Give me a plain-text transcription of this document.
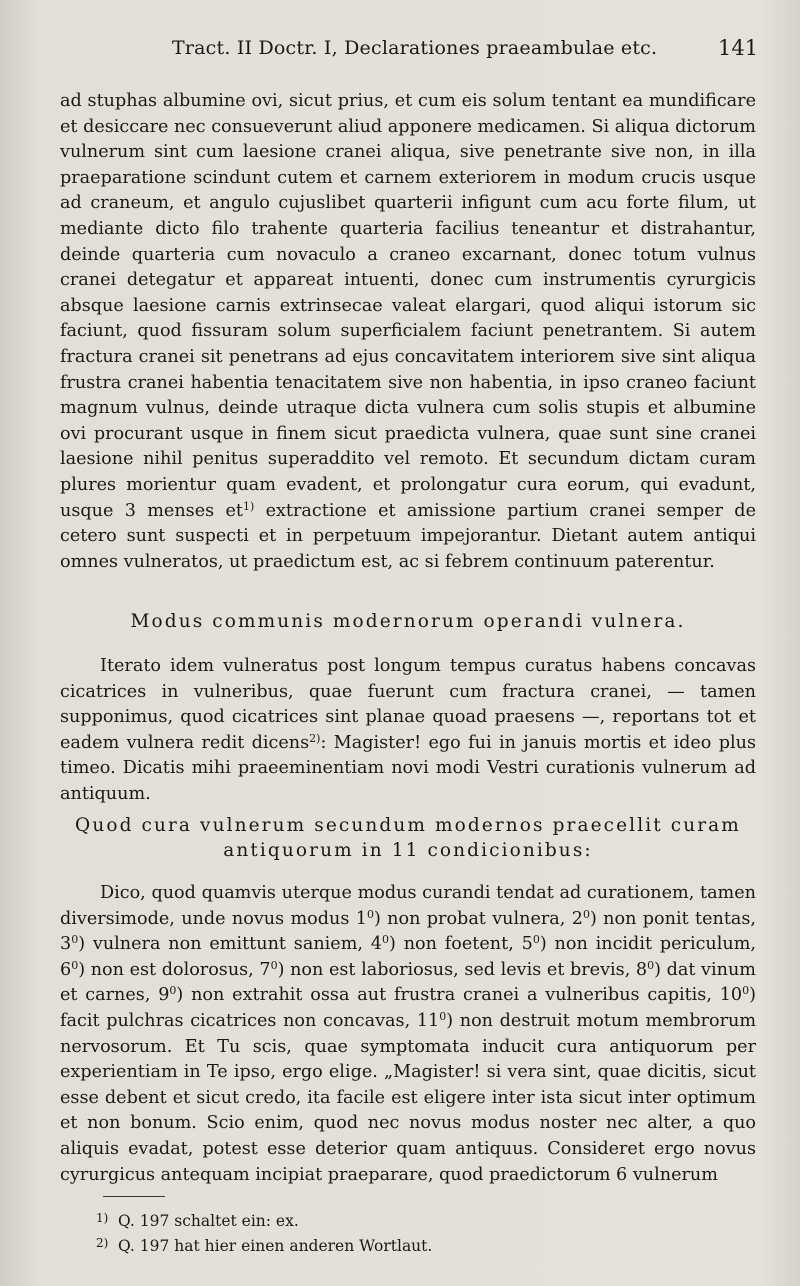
Tract. II Doctr. I, Declarationes praeambulae etc.	141
ad stuphas albumine ovi, sicut prius, et cum eis solum tentant ea mundificare et desiccare nec consueverunt aliud apponere medicamen. Si aliqua dictorum vulnerum sint cum laesione cranei aliqua, sive penetrante sive non, in illa praeparatione scindunt cutem et carnem exteriorem in modum crucis usque ad craneum, et angulo cujuslibet quarterii infigunt cum acu forte filum, ut mediante dicto filo trahente quarteria facilius teneantur et distrahantur, deinde quarteria cum novaculo a craneo excarnant, donec totum vulnus cranei detegatur et appareat intuenti, donec cum instrumentis cyrurgicis absque laesione carnis extrinsecae valeat elargari, quod aliqui istorum sic faciunt, quod fissuram solum superficialem faciunt penetrantem. Si autem fractura cranei sit penetrans ad ejus concavitatem interiorem sive sint aliqua frustra cranei habentia tenacitatem sive non habentia, in ipso craneo faciunt magnum vulnus, deinde utraque dicta vulnera cum solis stupis et albumine ovi procurant usque in finem sicut praedicta vulnera, quae sunt sine cranei laesione nihil penitus superaddito vel remoto. Et secundum dictam curam plures morientur quam evadent, et prolongatur cura eorum, qui evadunt, usque 3 menses $et^{1)}$ extractione et amissione partium cranei semper de cetero sunt suspecti et in perpetuum impejorantur. Dietant autem antiqui omnes vulneratos, ut praedictum est, ac si febrem continuum paterentur.
Modus communis modernorum operandi vulnera.
Iterato idem vulneratus post longum tempus curatus habens concavas cicatrices in vulneribus, quae fuerunt cum fractura cranei, — tamen supponimus, quod cicatrices sint planae quoad praesens —, reportans tot et eadem vulnera redit dicens$^{2)}$: Magister! ego fui in januis mortis et ideo plus timeo. Dicatis mihi praeeminentiam novi modi Vestri curationis vulnerum ad antiquum.
Quod cura vulnerum secundum modernos praecellit curam
antiquorum in 11 condicionibus:
Dico, quod quamvis uterque modus curandi tendat ad curationem, tamen diversimode, unde novus modus $1^0$) non probat vulnera, $2^0$) non ponit tentas, $3^0$) vulnera non emittunt saniem, $4^0$) non foetent, $5^0$) non incidit periculum, $6^0$) non est dolorosus, $7^0$) non est laboriosus, sed levis et brevis, $8^0$) dat vinum et carnes, $9^0$) non extrahit ossa aut frustra cranei a vulneribus capitis, $10^0$) facit pulchras cicatrices non concavas, $11^0$) non destruit motum membrorum nervosorum. Et Tu scis, quae symptomata inducit cura antiquorum per experientiam in Te ipso, ergo elige. „Magister! si vera sint, quae dicitis, sicut esse debent et sicut credo, ita facile est eligere inter ista sicut inter optimum et non bonum. Scio enim, quod nec novus modus noster nec alter, a quo aliquis evadat, potest esse deterior quam antiquus. Consideret ergo novus cyrurgicus antequam incipiat praeparare, quod praedictorum 6 vulnerum
1) Q. 197 schaltet ein: ex.
2) Q. 197 hat hier einen anderen Wortlaut.
